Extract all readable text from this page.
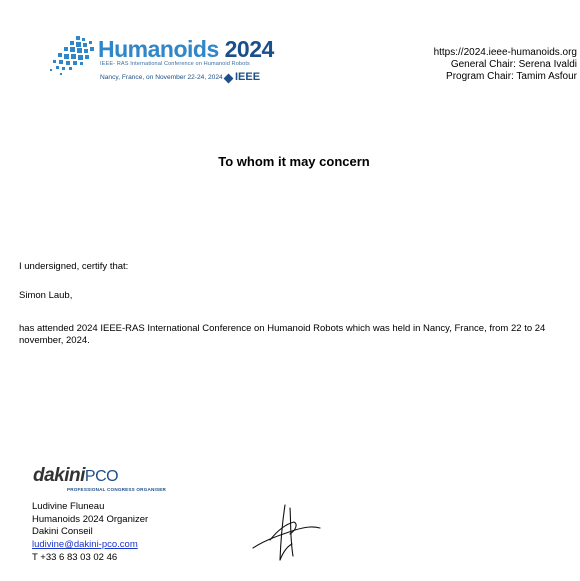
Humanoids 2024
IEEE- RAS International Conference on Humanoid Robots
Nancy, France, on November 22-24, 2024 IEEE
https://2024.ieee-humanoids.org
General Chair: Serena Ivaldi
Program Chair: Tamim Asfour
To whom it may concern
I undersigned, certify that:
Simon Laub,
has attended 2024 IEEE-RAS International Conference on Humanoid Robots which was held in Nancy, France, from 22 to 24 november, 2024.
dakiniPCO
PROFESSIONAL CONGRESS ORGANISER
Ludivine Fluneau
Humanoids 2024 Organizer
Dakini Conseil
ludivine@dakini-pco.com
T +33 6 83 03 02 46
